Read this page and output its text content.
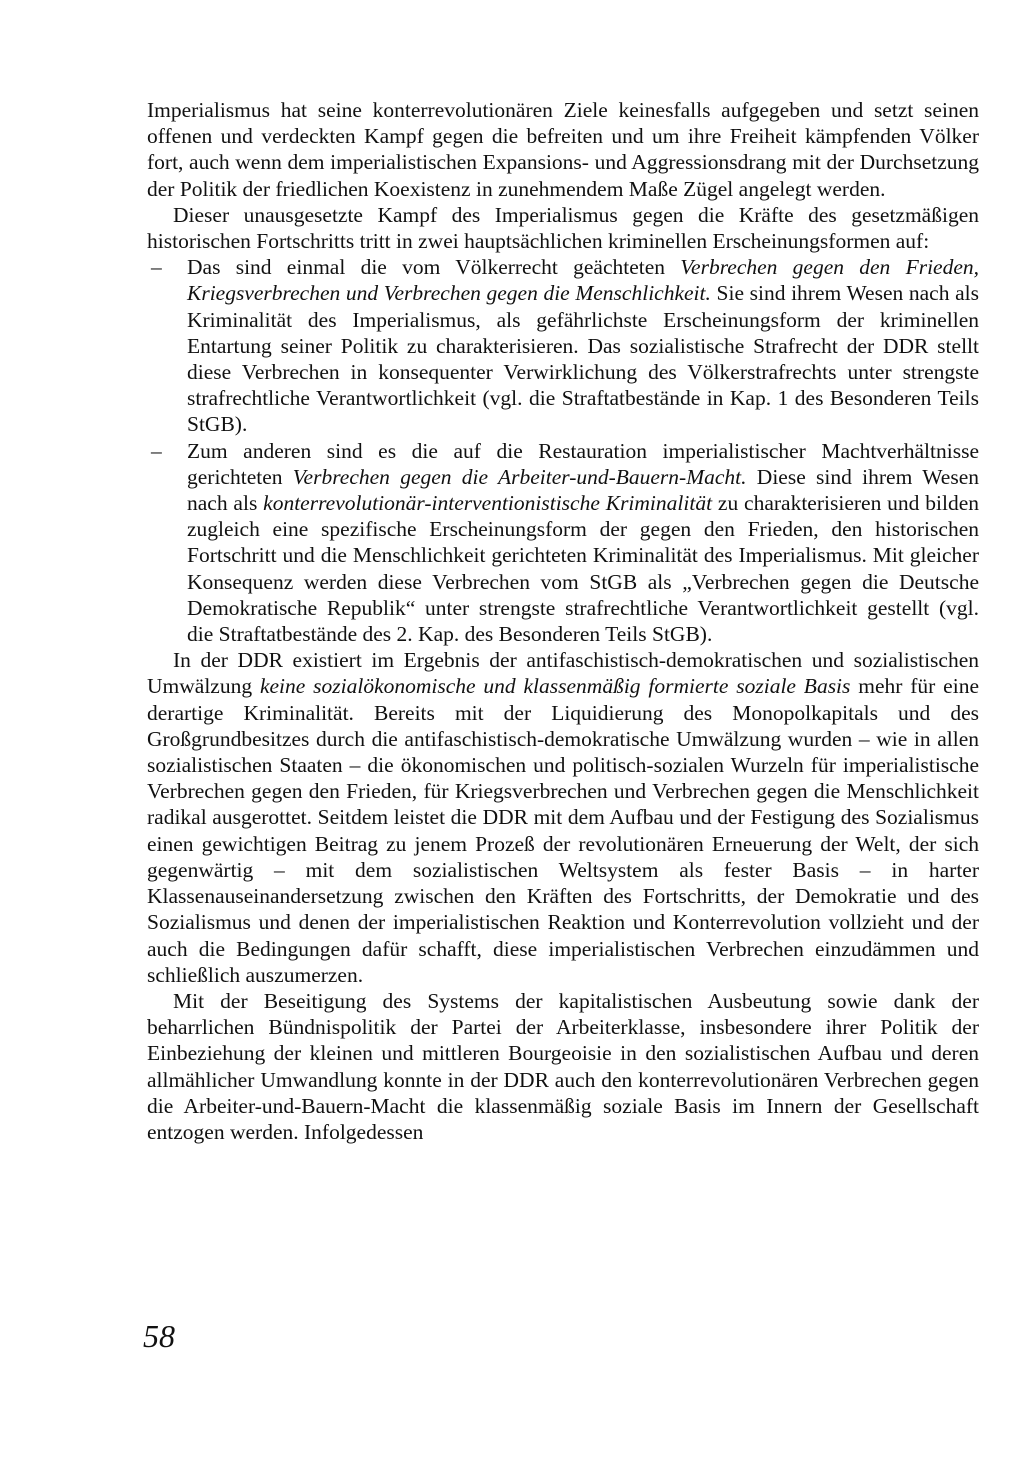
Imperialismus hat seine konterrevolutionären Ziele keinesfalls aufgegeben und setzt seinen offenen und verdeckten Kampf gegen die befreiten und um ihre Freiheit kämpfenden Völker fort, auch wenn dem imperialistischen Expansions- und Aggressionsdrang mit der Durchsetzung der Politik der friedlichen Koexistenz in zunehmendem Maße Zügel angelegt werden.

Dieser unausgesetzte Kampf des Imperialismus gegen die Kräfte des gesetzmäßigen historischen Fortschritts tritt in zwei hauptsächlichen kriminellen Erscheinungsformen auf:

– Das sind einmal die vom Völkerrecht geächteten Verbrechen gegen den Frieden, Kriegsverbrechen und Verbrechen gegen die Menschlichkeit. Sie sind ihrem Wesen nach als Kriminalität des Imperialismus, als gefährlichste Erscheinungsform der kriminellen Entartung seiner Politik zu charakterisieren. Das sozialistische Strafrecht der DDR stellt diese Verbrechen in konsequenter Verwirklichung des Völkerstrafrechts unter strengste strafrechtliche Verantwortlichkeit (vgl. die Straftatbestände in Kap. 1 des Besonderen Teils StGB).

– Zum anderen sind es die auf die Restauration imperialistischer Machtverhältnisse gerichteten Verbrechen gegen die Arbeiter-und-Bauern-Macht. Diese sind ihrem Wesen nach als konterrevolutionär-interventionistische Kriminalität zu charakterisieren und bilden zugleich eine spezifische Erscheinungsform der gegen den Frieden, den historischen Fortschritt und die Menschlichkeit gerichteten Kriminalität des Imperialismus. Mit gleicher Konsequenz werden diese Verbrechen vom StGB als „Verbrechen gegen die Deutsche Demokratische Republik“ unter strengste strafrechtliche Verantwortlichkeit gestellt (vgl. die Straftatbestände des 2. Kap. des Besonderen Teils StGB).

In der DDR existiert im Ergebnis der antifaschistisch-demokratischen und sozialistischen Umwälzung keine sozialökonomische und klassenmäßig formierte soziale Basis mehr für eine derartige Kriminalität. Bereits mit der Liquidierung des Monopolkapitals und des Großgrundbesitzes durch die antifaschistisch-demokratische Umwälzung wurden – wie in allen sozialistischen Staaten – die ökonomischen und politisch-sozialen Wurzeln für imperialistische Verbrechen gegen den Frieden, für Kriegsverbrechen und Verbrechen gegen die Menschlichkeit radikal ausgerottet. Seitdem leistet die DDR mit dem Aufbau und der Festigung des Sozialismus einen gewichtigen Beitrag zu jenem Prozeß der revolutionären Erneuerung der Welt, der sich gegenwärtig – mit dem sozialistischen Weltsystem als fester Basis – in harter Klassenauseinandersetzung zwischen den Kräften des Fortschritts, der Demokratie und des Sozialismus und denen der imperialistischen Reaktion und Konterrevolution vollzieht und der auch die Bedingungen dafür schafft, diese imperialistischen Verbrechen einzudämmen und schließlich auszumerzen.

Mit der Beseitigung des Systems der kapitalistischen Ausbeutung sowie dank der beharrlichen Bündnispolitik der Partei der Arbeiterklasse, insbesondere ihrer Politik der Einbeziehung der kleinen und mittleren Bourgeoisie in den sozialistischen Aufbau und deren allmählicher Umwandlung konnte in der DDR auch den konterrevolutionären Verbrechen gegen die Arbeiter-und-Bauern-Macht die klassenmäßig soziale Basis im Innern der Gesellschaft entzogen werden. Infolgedessen

58
